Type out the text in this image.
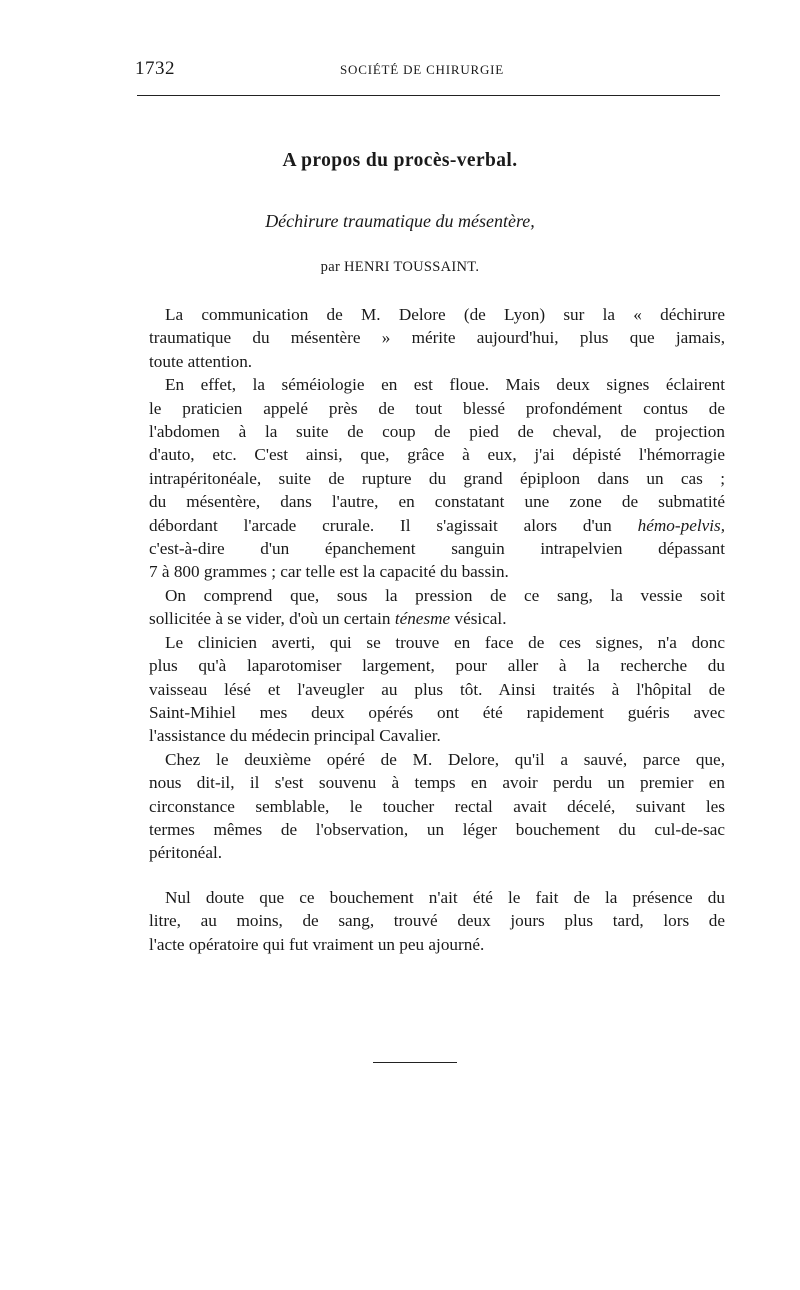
1732	SOCIÉTÉ DE CHIRURGIE
A propos du procès-verbal.
Déchirure traumatique du mésentère,
par HENRI TOUSSAINT.

La communication de M. Delore (de Lyon) sur la « déchirure
traumatique du mésentère » mérite aujourd'hui, plus que jamais,
toute attention.

En effet, la séméiologie en est floue. Mais deux signes éclairent
le praticien appelé près de tout blessé profondément contus de
l'abdomen à la suite de coup de pied de cheval, de projection
d'auto, etc. C'est ainsi, que, grâce à eux, j'ai dépisté l'hémorragie
intrapéritonéale, suite de rupture du grand épiploon dans un cas ;
du mésentère, dans l'autre, en constatant une zone de submatité
débordant l'arcade crurale. Il s'agissait alors d'un hémo-pelvis,
c'est-à-dire d'un épanchement sanguin intrapelvien dépassant
7 à 800 grammes ; car telle est la capacité du bassin.

On comprend que, sous la pression de ce sang, la vessie soit
sollicitée à se vider, d'où un certain ténesme vésical.

Le clinicien averti, qui se trouve en face de ces signes, n'a donc
plus qu'à laparotomiser largement, pour aller à la recherche du
vaisseau lésé et l'aveugler au plus tôt. Ainsi traités à l'hôpital de
Saint-Mihiel mes deux opérés ont été rapidement guéris avec
l'assistance du médecin principal Cavalier.

Chez le deuxième opéré de M. Delore, qu'il a sauvé, parce que,
nous dit-il, il s'est souvenu à temps en avoir perdu un premier en
circonstance semblable, le toucher rectal avait décelé, suivant les
termes mêmes de l'observation, un léger bouchement du cul-de-sac
péritonéal.

Nul doute que ce bouchement n'ait été le fait de la présence du
litre, au moins, de sang, trouvé deux jours plus tard, lors de
l'acte opératoire qui fut vraiment un peu ajourné.
